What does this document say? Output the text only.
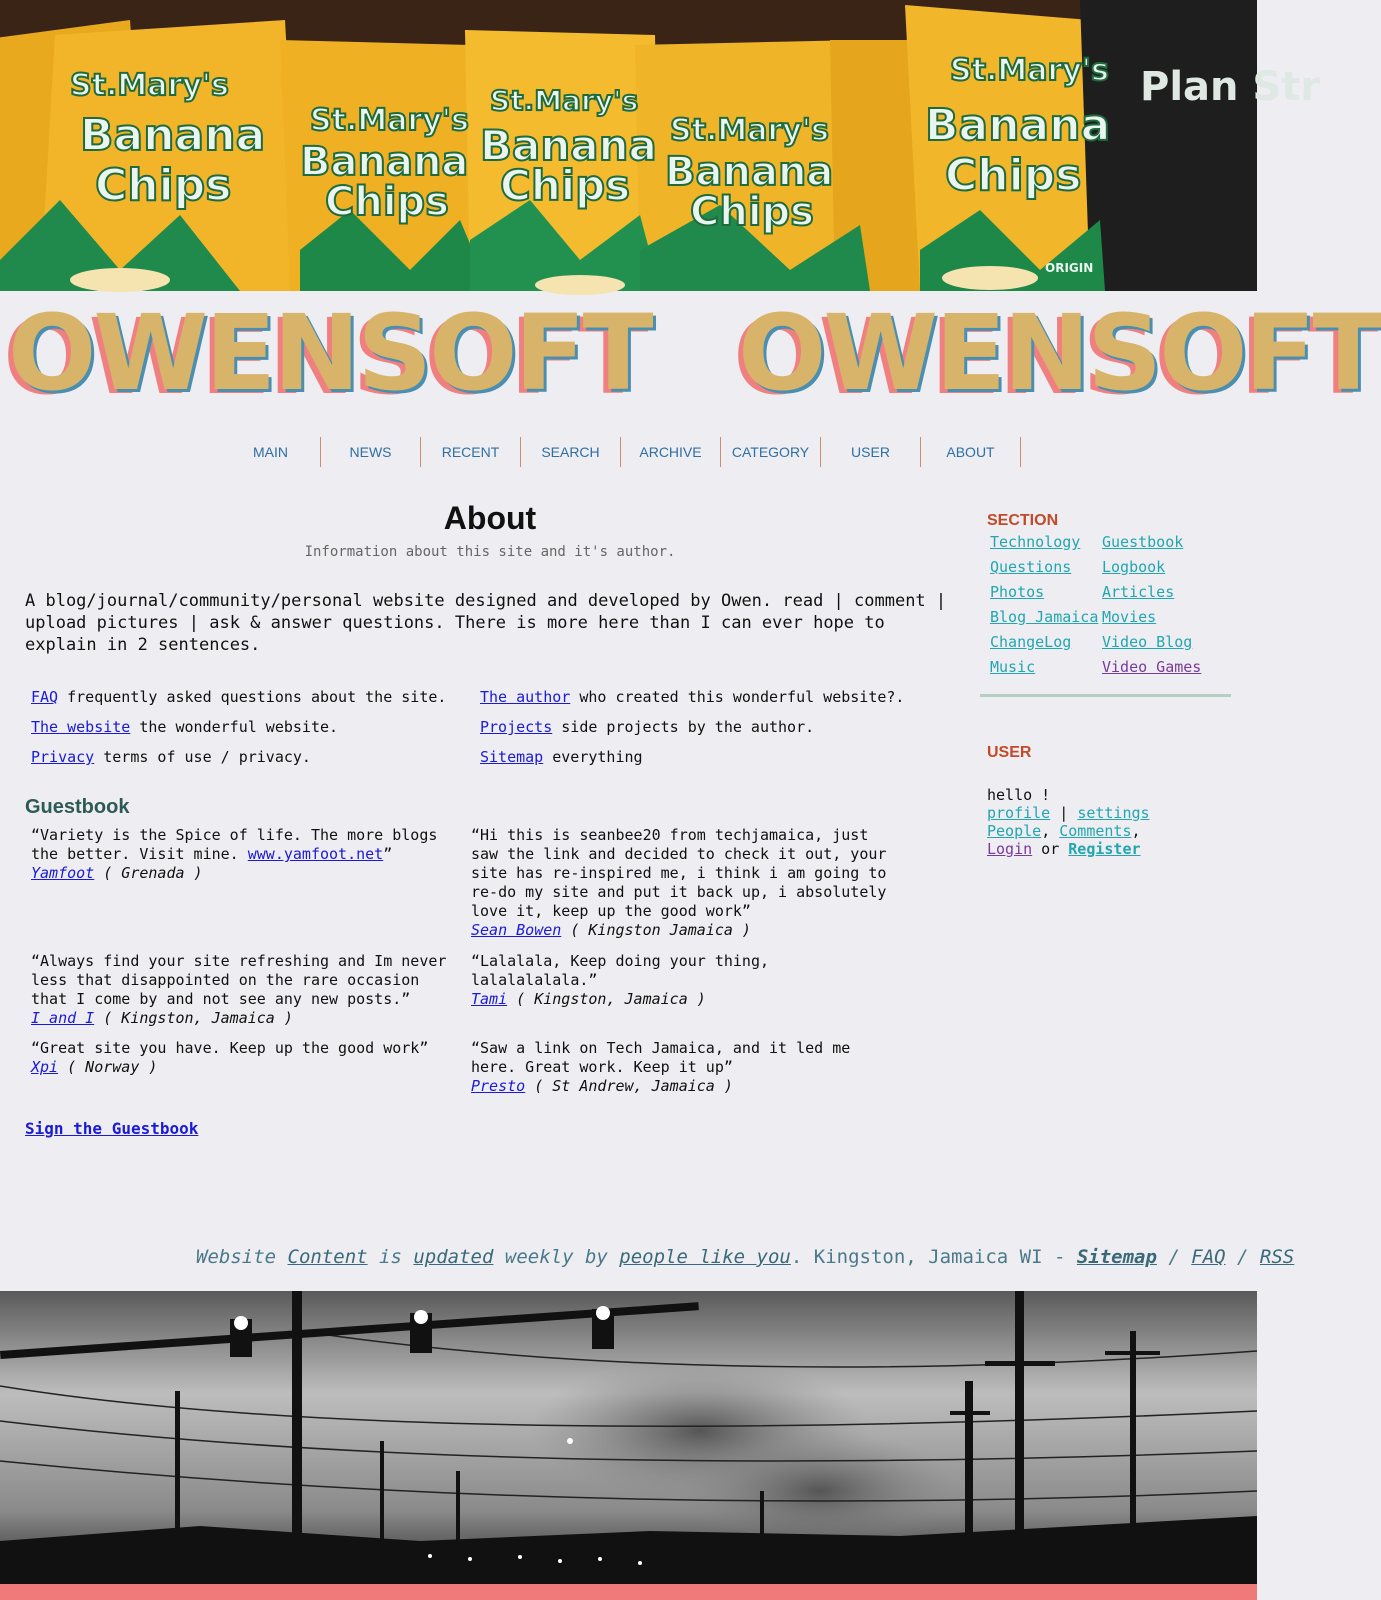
St.Mary's
Banana
Chips
St.Mary's
Banana
Chips
St.Mary's
Banana
Chips
St.Mary's
Banana
Chips
St.Mary's
Banana
Chips
Plan Str
ORIGIN
OWENSOFT OWENSOFT
MAIN	NEWS	RECENT	SEARCH	ARCHIVE	CATEGORY	USER	ABOUT
About
Information about this site and it's author.
A blog/journal/community/personal website designed and developed by Owen. read | comment | upload pictures | ask & answer questions. There is more here than I can ever hope to explain in 2 sentences.
FAQ frequently asked questions about the site. The author who created this wonderful website?.
The website the wonderful website.	Projects side projects by the author.
Privacy terms of use / privacy.	Sitemap everything
Guestbook
“Variety is the Spice of life. The more blogs the better. Visit mine. www.yamfoot.net”
Yamfoot ( Grenada )
“Hi this is seanbee20 from techjamaica, just saw the link and decided to check it out, your site has re-inspired me, i think i am going to re-do my site and put it back up, i absolutely love it, keep up the good work”
Sean Bowen ( Kingston Jamaica )
“Always find your site refreshing and Im never less that disappointed on the rare occasion that I come by and not see any new posts.”
I and I ( Kingston, Jamaica )
“Lalalala, Keep doing your thing, lalalalalala.”
Tami ( Kingston, Jamaica )
“Great site you have. Keep up the good work”
Xpi ( Norway )
“Saw a link on Tech Jamaica, and it led me here. Great work. Keep it up”
Presto ( St Andrew, Jamaica )
Sign the Guestbook
SECTION
Technology Guestbook
Questions Logbook
Photos	Articles
Blog Jamaica Movies
ChangeLog Video Blog
Music	Video Games
USER
hello !
profile | settings
People, Comments,
Login or Register
Website Content is updated weekly by people like you. Kingston, Jamaica WI - Sitemap / FAQ / RSS
